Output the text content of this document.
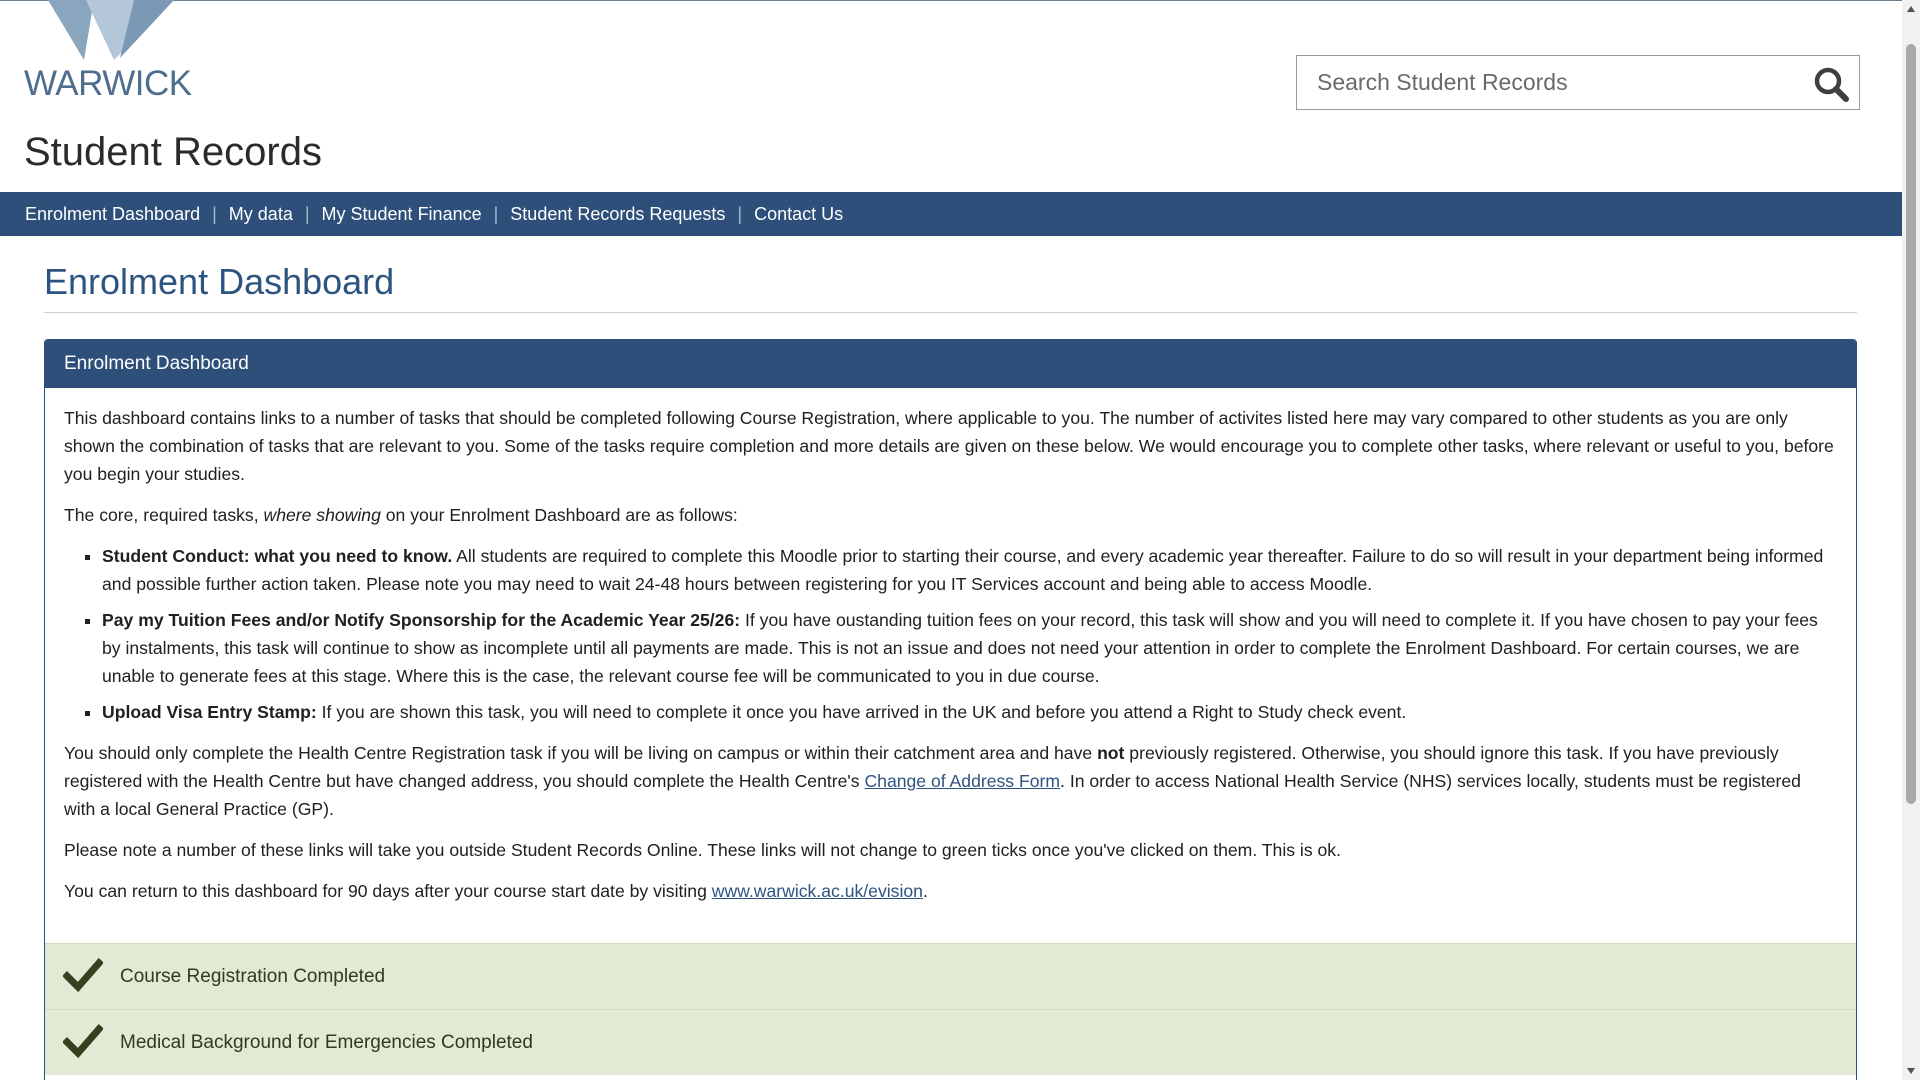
WARWICK
Student Records
Search Student Records
Enrolment Dashboard | My data | My Student Finance | Student Records Requests | Contact Us
Enrolment Dashboard
Enrolment Dashboard

This dashboard contains links to a number of tasks that should be completed following Course Registration, where applicable to you. The number of activites listed here may vary compared to other students as you are only shown the combination of tasks that are relevant to you. Some of the tasks require completion and more details are given on these below. We would encourage you to complete other tasks, where relevant or useful to you, before you begin your studies.

The core, required tasks, where showing on your Enrolment Dashboard are as follows:

▪ Student Conduct: what you need to know. All students are required to complete this Moodle prior to starting their course, and every academic year thereafter. Failure to do so will result in your department being informed and possible further action taken. Please note you may need to wait 24-48 hours between registering for you IT Services account and being able to access Moodle.
▪ Pay my Tuition Fees and/or Notify Sponsorship for the Academic Year 25/26: If you have oustanding tuition fees on your record, this task will show and you will need to complete it. If you have chosen to pay your fees by instalments, this task will continue to show as incomplete until all payments are made. This is not an issue and does not need your attention in order to complete the Enrolment Dashboard. For certain courses, we are unable to generate fees at this stage. Where this is the case, the relevant course fee will be communicated to you in due course.
▪ Upload Visa Entry Stamp: If you are shown this task, you will need to complete it once you have arrived in the UK and before you attend a Right to Study check event.

You should only complete the Health Centre Registration task if you will be living on campus or within their catchment area and have not previously registered. Otherwise, you should ignore this task. If you have previously registered with the Health Centre but have changed address, you should complete the Health Centre's Change of Address Form. In order to access National Health Service (NHS) services locally, students must be registered with a local General Practice (GP).

Please note a number of these links will take you outside Student Records Online. These links will not change to green ticks once you've clicked on them. This is ok.

You can return to this dashboard for 90 days after your course start date by visiting www.warwick.ac.uk/evision.

Course Registration Completed
Medical Background for Emergencies Completed
